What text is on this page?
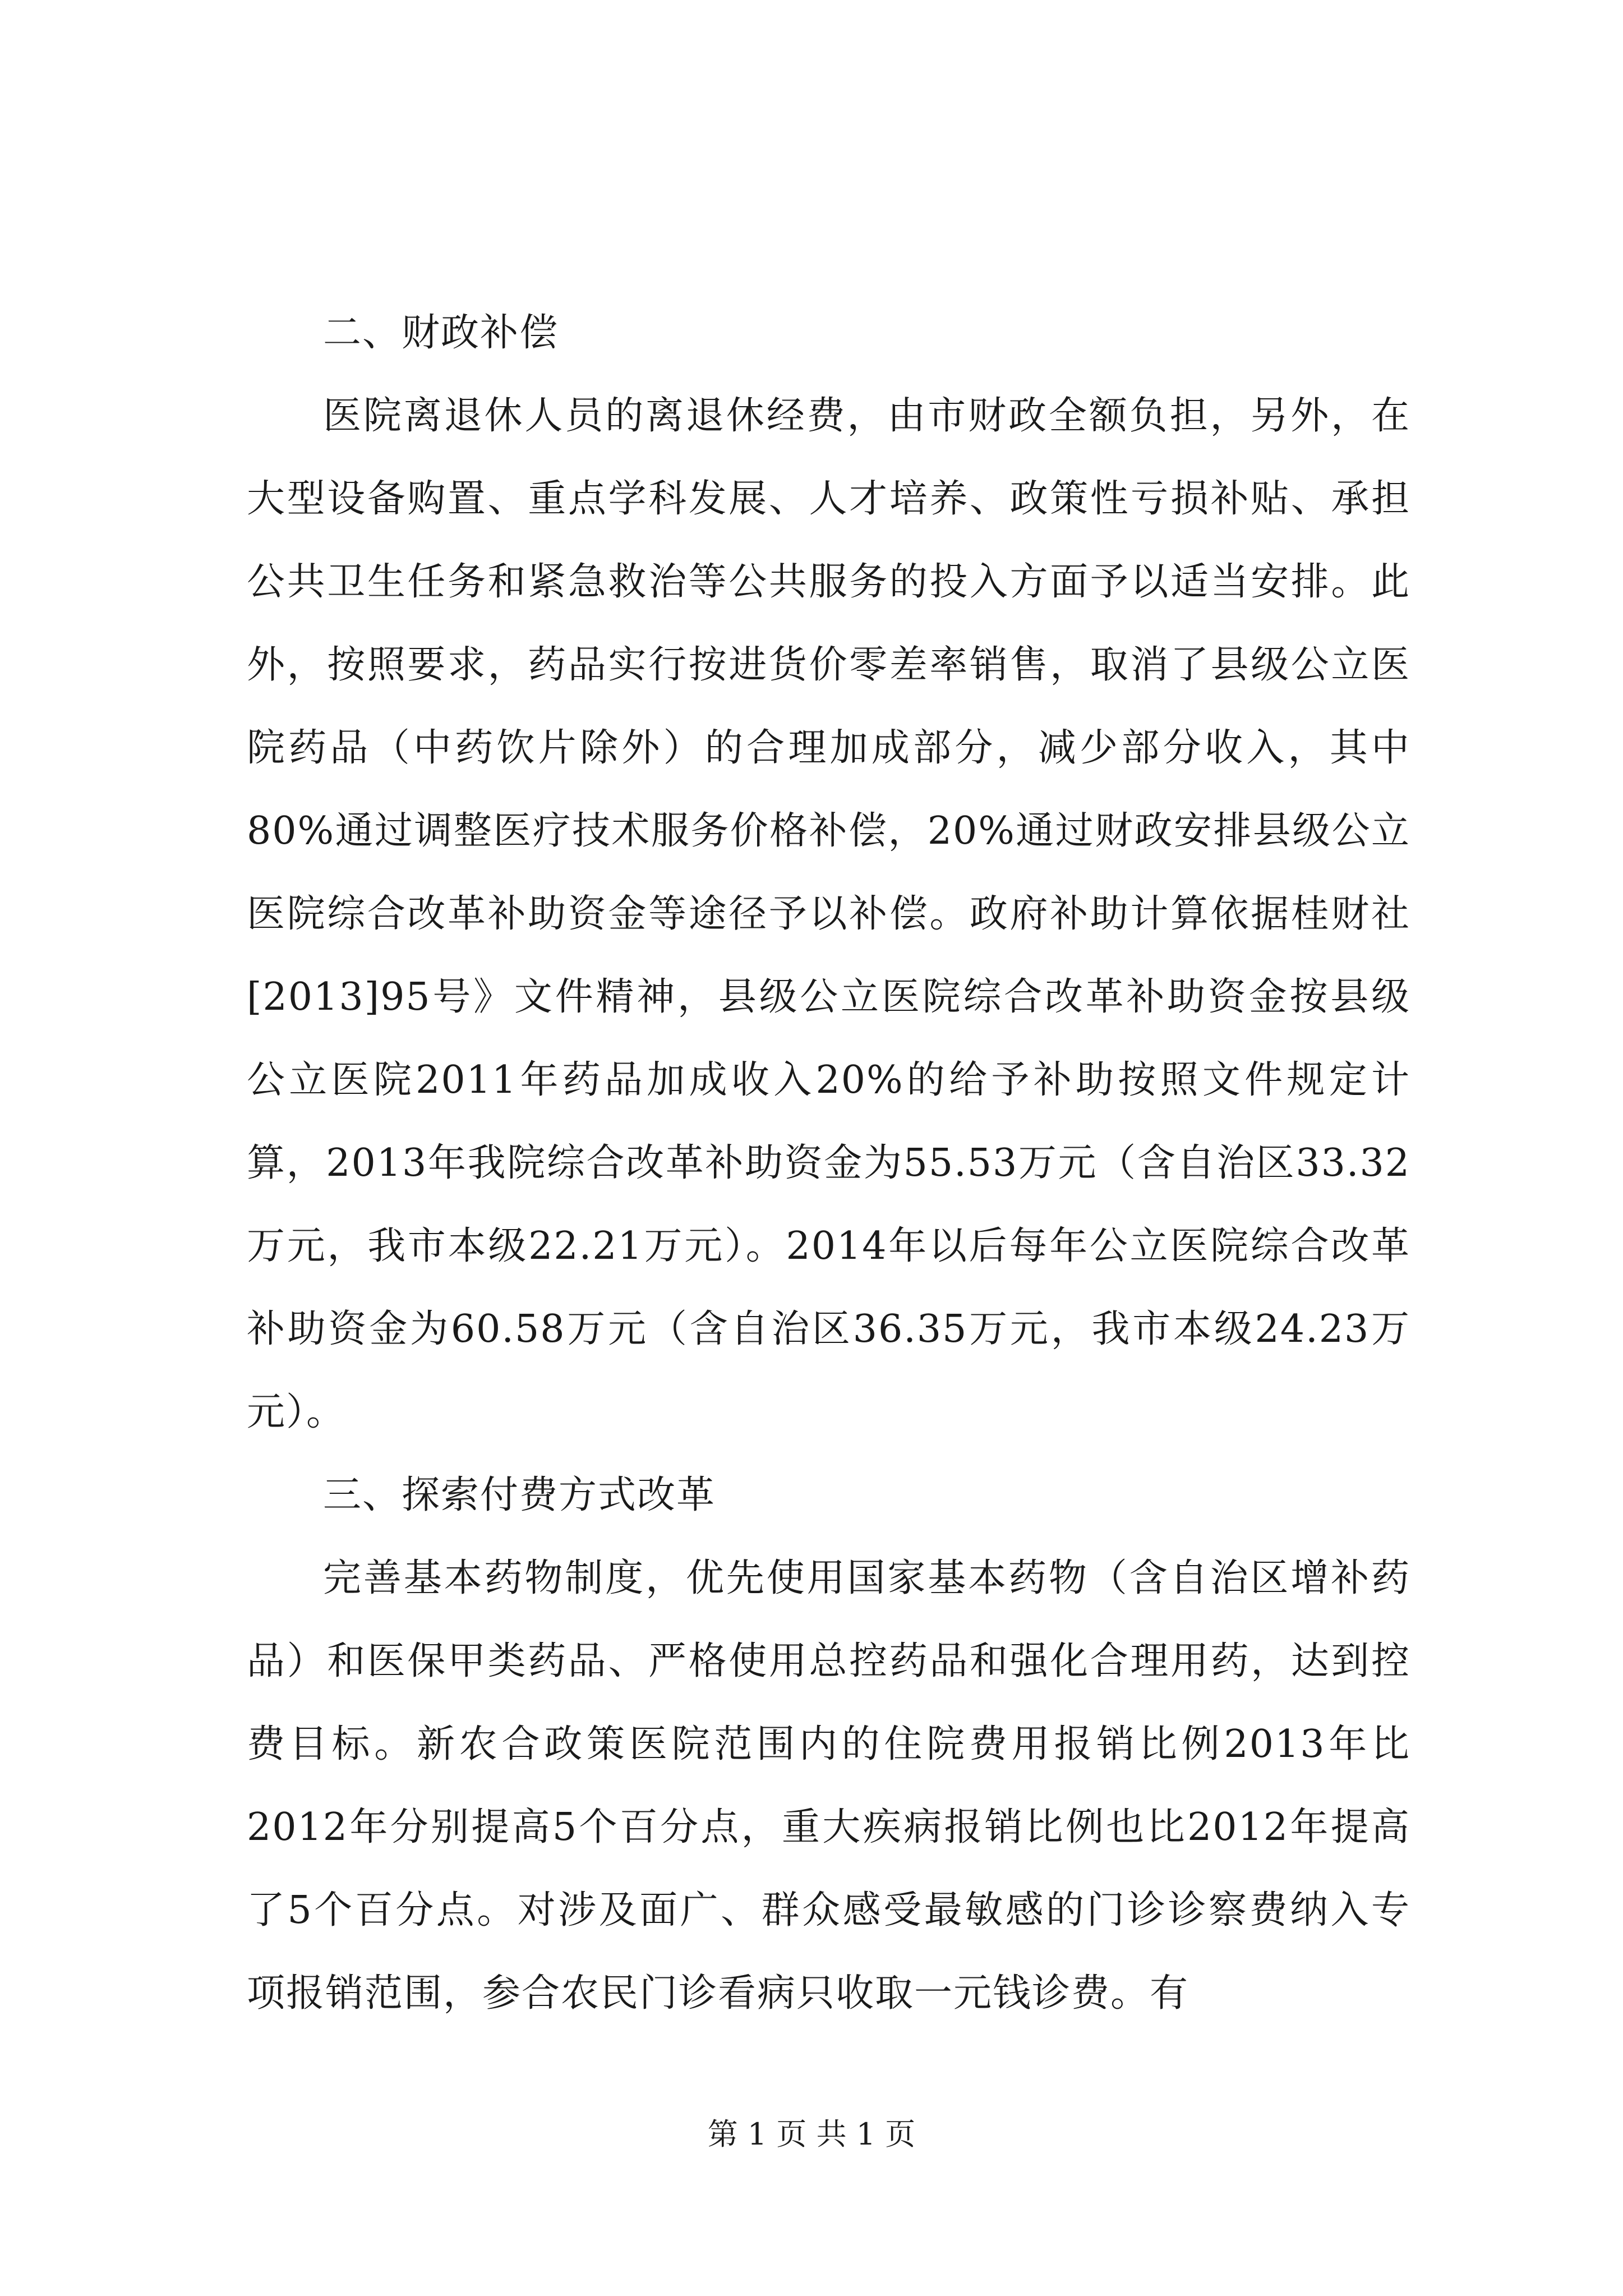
二、财政补偿

医院离退休人员的离退休经费，由市财政全额负担，另外，在大型设备购置、重点学科发展、人才培养、政策性亏损补贴、承担公共卫生任务和紧急救治等公共服务的投入方面予以适当安排。此外，按照要求，药品实行按进货价零差率销售，取消了县级公立医院药品（中药饮片除外）的合理加成部分，减少部分收入，其中80%通过调整医疗技术服务价格补偿，20%通过财政安排县级公立医院综合改革补助资金等途径予以补偿。政府补助计算依据桂财社[2013]95号》文件精神，县级公立医院综合改革补助资金按县级公立医院2011年药品加成收入20%的给予补助按照文件规定计算，2013年我院综合改革补助资金为55.53万元（含自治区33.32万元，我市本级22.21万元）。2014年以后每年公立医院综合改革补助资金为60.58万元（含自治区36.35万元，我市本级24.23万元）。

三、探索付费方式改革

完善基本药物制度，优先使用国家基本药物（含自治区增补药品）和医保甲类药品、严格使用总控药品和强化合理用药，达到控费目标。新农合政策医院范围内的住院费用报销比例2013年比2012年分别提高5个百分点，重大疾病报销比例也比2012年提高了5个百分点。对涉及面广、群众感受最敏感的门诊诊察费纳入专项报销范围，参合农民门诊看病只收取一元钱诊费。有

第 1 页 共 1 页
